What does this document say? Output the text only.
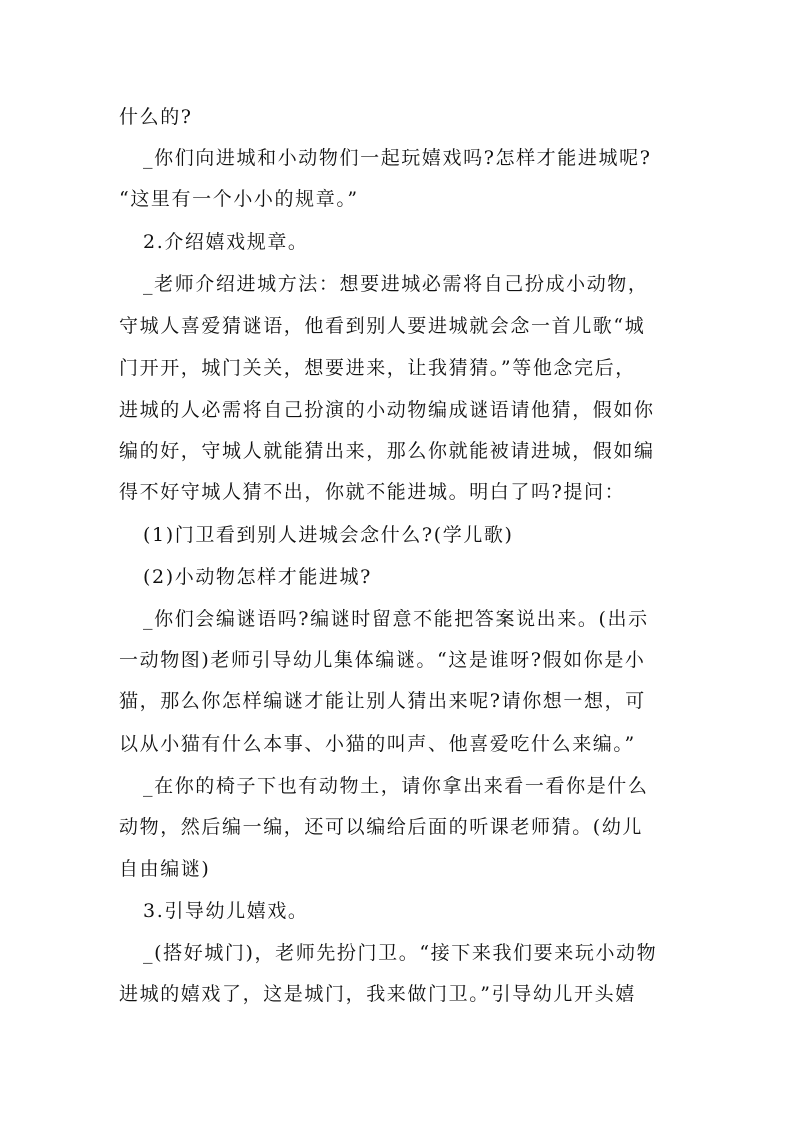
什么的?
_你们向进城和小动物们一起玩嬉戏吗?怎样才能进城呢?
“这里有一个小小的规章。”
2.介绍嬉戏规章。
_老师介绍进城方法：想要进城必需将自己扮成小动物，
守城人喜爱猜谜语，他看到别人要进城就会念一首儿歌“城
门开开，城门关关，想要进来，让我猜猜。”等他念完后，
进城的人必需将自己扮演的小动物编成谜语请他猜，假如你
编的好，守城人就能猜出来，那么你就能被请进城，假如编
得不好守城人猜不出，你就不能进城。明白了吗?提问：
(1)门卫看到别人进城会念什么?(学儿歌)
(2)小动物怎样才能进城?
_你们会编谜语吗?编谜时留意不能把答案说出来。(出示
一动物图)老师引导幼儿集体编谜。“这是谁呀?假如你是小
猫，那么你怎样编谜才能让别人猜出来呢?请你想一想，可
以从小猫有什么本事、小猫的叫声、他喜爱吃什么来编。”
_在你的椅子下也有动物土，请你拿出来看一看你是什么
动物，然后编一编，还可以编给后面的听课老师猜。(幼儿
自由编谜)
3.引导幼儿嬉戏。
_(搭好城门)，老师先扮门卫。“接下来我们要来玩小动物
进城的嬉戏了，这是城门，我来做门卫。”引导幼儿开头嬉
